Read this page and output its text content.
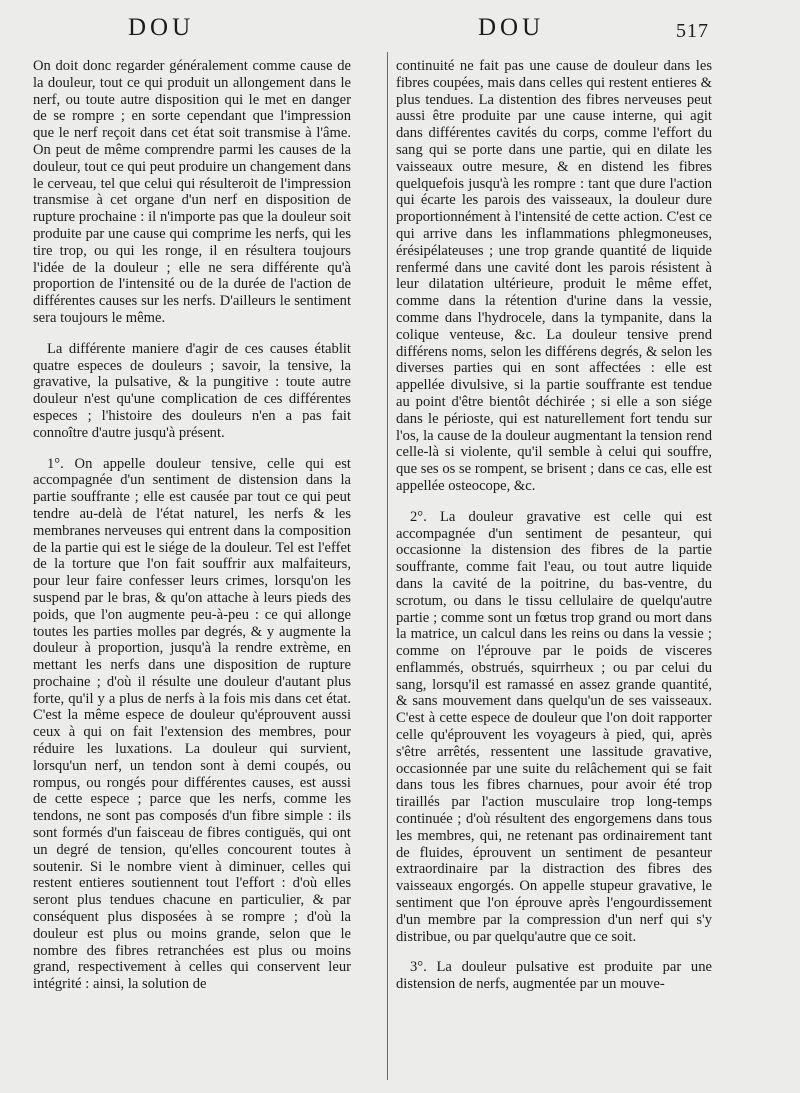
DOU	DOU	517

On doit donc regarder généralement comme cause de la douleur, tout ce qui produit un allongement dans le nerf, ou toute autre disposition qui le met en danger de se rompre ; en sorte cependant que l'impression que le nerf reçoit dans cet état soit transmise à l'âme. On peut de même comprendre parmi les causes de la douleur, tout ce qui peut produire un changement dans le cerveau, tel que celui qui résulteroit de l'impression transmise à cet organe d'un nerf en disposition de rupture prochaine : il n'importe pas que la douleur soit produite par une cause qui comprime les nerfs, qui les tire trop, ou qui les ronge, il en résultera toujours l'idée de la douleur ; elle ne sera différente qu'à proportion de l'intensité ou de la durée de l'action de différentes causes sur les nerfs. D'ailleurs le sentiment sera toujours le même.

La différente maniere d'agir de ces causes établit quatre especes de douleurs ; savoir, la tensive, la gravative, la pulsative, & la pungitive : toute autre douleur n'est qu'une complication de ces différentes especes ; l'histoire des douleurs n'en a pas fait connoître d'autre jusqu'à présent.

1°. On appelle douleur tensive, celle qui est accompagnée d'un sentiment de distension dans la partie souffrante ; elle est causée par tout ce qui peut tendre au-delà de l'état naturel, les nerfs & les membranes nerveuses qui entrent dans la composition de la partie qui est le siége de la douleur. Tel est l'effet de la torture que l'on fait souffrir aux malfaiteurs, pour leur faire confesser leurs crimes, lorsqu'on les suspend par le bras, & qu'on attache à leurs pieds des poids, que l'on augmente peu-à-peu : ce qui allonge toutes les parties molles par degrés, & y augmente la douleur à proportion, jusqu'à la rendre extrème, en mettant les nerfs dans une disposition de rupture prochaine ; d'où il résulte une douleur d'autant plus forte, qu'il y a plus de nerfs à la fois mis dans cet état. C'est la même espece de douleur qu'éprouvent aussi ceux à qui on fait l'extension des membres, pour réduire les luxations. La douleur qui survient, lorsqu'un nerf, un tendon sont à demi coupés, ou rompus, ou rongés pour différentes causes, est aussi de cette espece ; parce que les nerfs, comme les tendons, ne sont pas composés d'un fibre simple : ils sont formés d'un faisceau de fibres contiguës, qui ont un degré de tension, qu'elles concourent toutes à soutenir. Si le nombre vient à diminuer, celles qui restent entieres soutiennent tout l'effort : d'où elles seront plus tendues chacune en particulier, & par conséquent plus disposées à se rompre ; d'où la douleur est plus ou moins grande, selon que le nombre des fibres retranchées est plus ou moins grand, respectivement à celles qui conservent leur intégrité : ainsi, la solution de

continuité ne fait pas une cause de douleur dans les fibres coupées, mais dans celles qui restent entieres & plus tendues. La distention des fibres nerveuses peut aussi être produite par une cause interne, qui agit dans différentes cavités du corps, comme l'effort du sang qui se porte dans une partie, qui en dilate les vaisseaux outre mesure, & en distend les fibres quelquefois jusqu'à les rompre : tant que dure l'action qui écarte les parois des vaisseaux, la douleur dure proportionnément à l'intensité de cette action. C'est ce qui arrive dans les inflammations phlegmoneuses, érésipélateuses ; une trop grande quantité de liquide renfermé dans une cavité dont les parois résistent à leur dilatation ultérieure, produit le même effet, comme dans la rétention d'urine dans la vessie, comme dans l'hydrocele, dans la tympanite, dans la colique venteuse, &c. La douleur tensive prend différens noms, selon les différens degrés, & selon les diverses parties qui en sont affectées : elle est appellée divulsive, si la partie souffrante est tendue au point d'être bientôt déchirée ; si elle a son siége dans le périoste, qui est naturellement fort tendu sur l'os, la cause de la douleur augmentant la tension rend celle-là si violente, qu'il semble à celui qui souffre, que ses os se rompent, se brisent ; dans ce cas, elle est appellée osteocope, &c.

2°. La douleur gravative est celle qui est accompagnée d'un sentiment de pesanteur, qui occasionne la distension des fibres de la partie souffrante, comme fait l'eau, ou tout autre liquide dans la cavité de la poitrine, du bas-ventre, du scrotum, ou dans le tissu cellulaire de quelqu'autre partie ; comme sont un fœtus trop grand ou mort dans la matrice, un calcul dans les reins ou dans la vessie ; comme on l'éprouve par le poids de visceres enflammés, obstrués, squirrheux ; ou par celui du sang, lorsqu'il est ramassé en assez grande quantité, & sans mouvement dans quelqu'un de ses vaisseaux. C'est à cette espece de douleur que l'on doit rapporter celle qu'éprouvent les voyageurs à pied, qui, après s'être arrêtés, ressentent une lassitude gravative, occasionnée par une suite du relâchement qui se fait dans tous les fibres charnues, pour avoir été trop tiraillés par l'action musculaire trop long-temps continuée ; d'où résultent des engorgemens dans tous les membres, qui, ne retenant pas ordinairement tant de fluides, éprouvent un sentiment de pesanteur extraordinaire par la distraction des fibres des vaisseaux engorgés. On appelle stupeur gravative, le sentiment que l'on éprouve après l'engourdissement d'un membre par la compression d'un nerf qui s'y distribue, ou par quelqu'autre que ce soit.

3°. La douleur pulsative est produite par une distension de nerfs, augmentée par un mouve-
